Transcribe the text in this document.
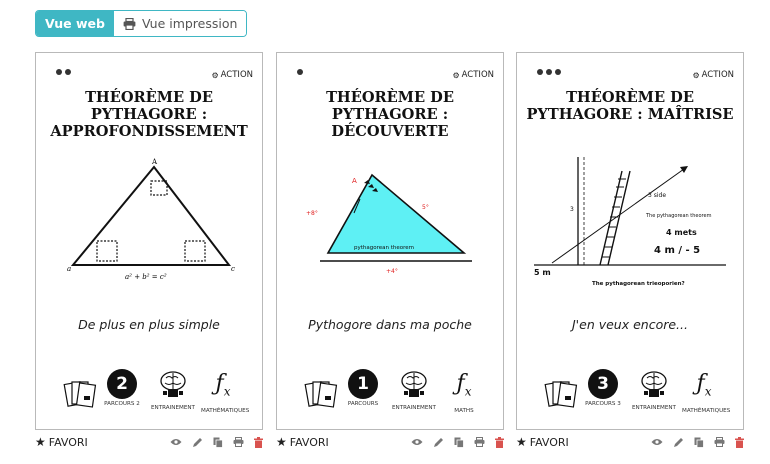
Vue web	Vue impression
⚙ ACTION
THÉORÈME DE PYTHAGORE : APPROFONDISSEMENT
A
a	c
a² + b² = c²
De plus en plus simple
2
PARCOURS 2
ENTRAINEMENT
$ƒ_x$
MATHÉMATIQUES
★ FAVORI
⚙ ACTION
THÉORÈME DE PYTHAGORE : DÉCOUVERTE
A
5°
+8°
+4°
pythagorean theorem
Pythogore dans ma poche
1
PARCOURS
ENTRAINEMENT
$ƒ_x$
MATHS
★ FAVORI
⚙ ACTION
THÉORÈME DE PYTHAGORE : MAÎTRISE
3
3 side
The pythagorean theorem
4 mets
4 m / - 5
5 m
The pythagorean trieoporien?
J'en veux encore...
3
PARCOURS 3
ENTRAINEMENT
$ƒ_x$
MATHÉMATIQUES
★ FAVORI
